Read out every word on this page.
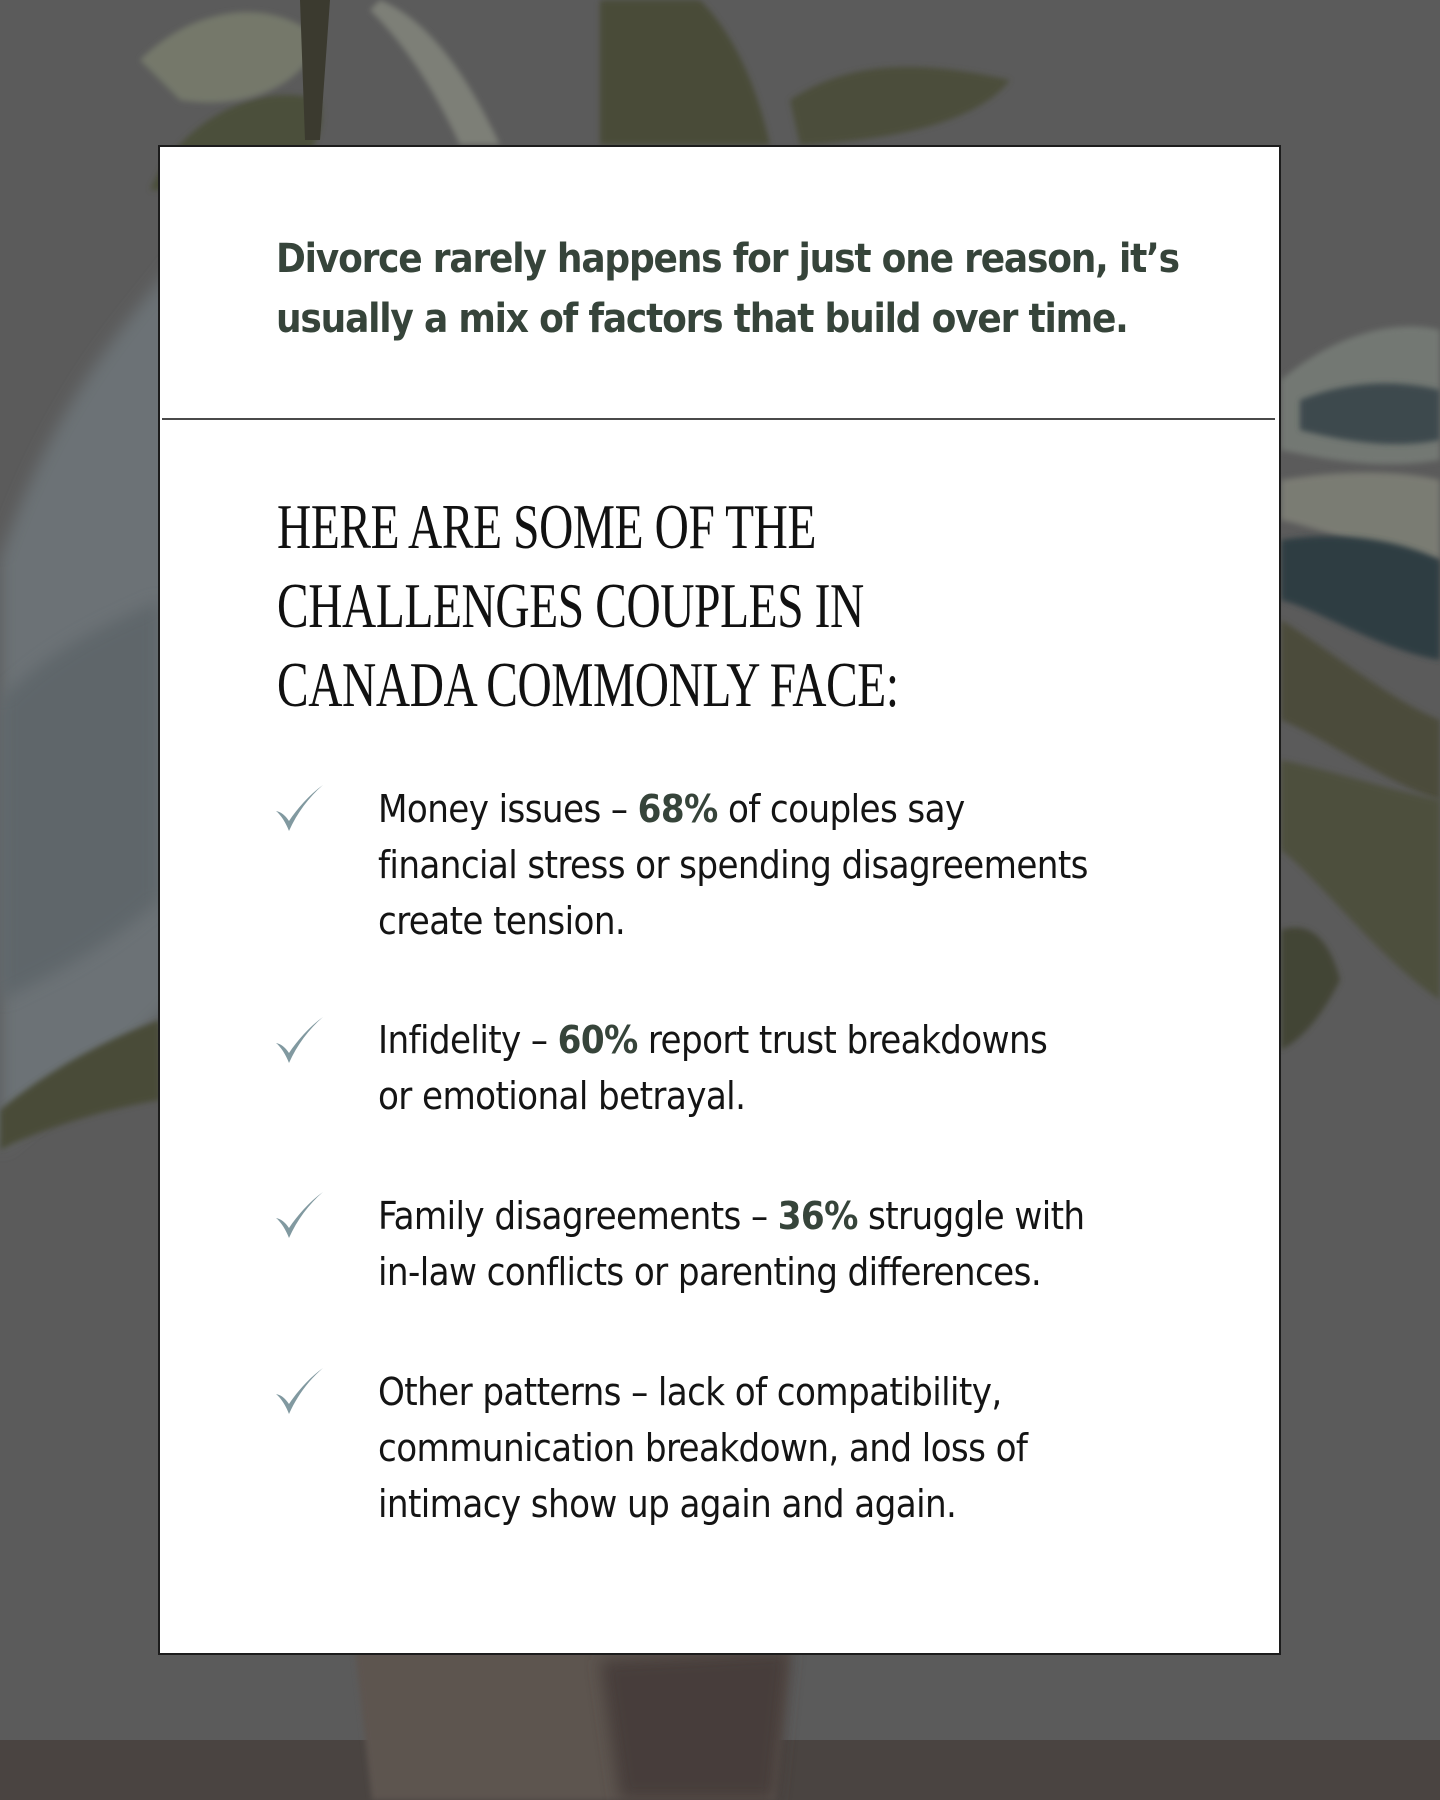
Divorce rarely happens for just one reason, it’s
usually a mix of factors that build over time.
HERE ARE SOME OF THE
CHALLENGES COUPLES IN
CANADA COMMONLY FACE:
Money issues – 68% of couples say
financial stress or spending disagreements
create tension.
Infidelity – 60% report trust breakdowns
or emotional betrayal.
Family disagreements – 36% struggle with
in-law conflicts or parenting differences.
Other patterns – lack of compatibility,
communication breakdown, and loss of
intimacy show up again and again.
